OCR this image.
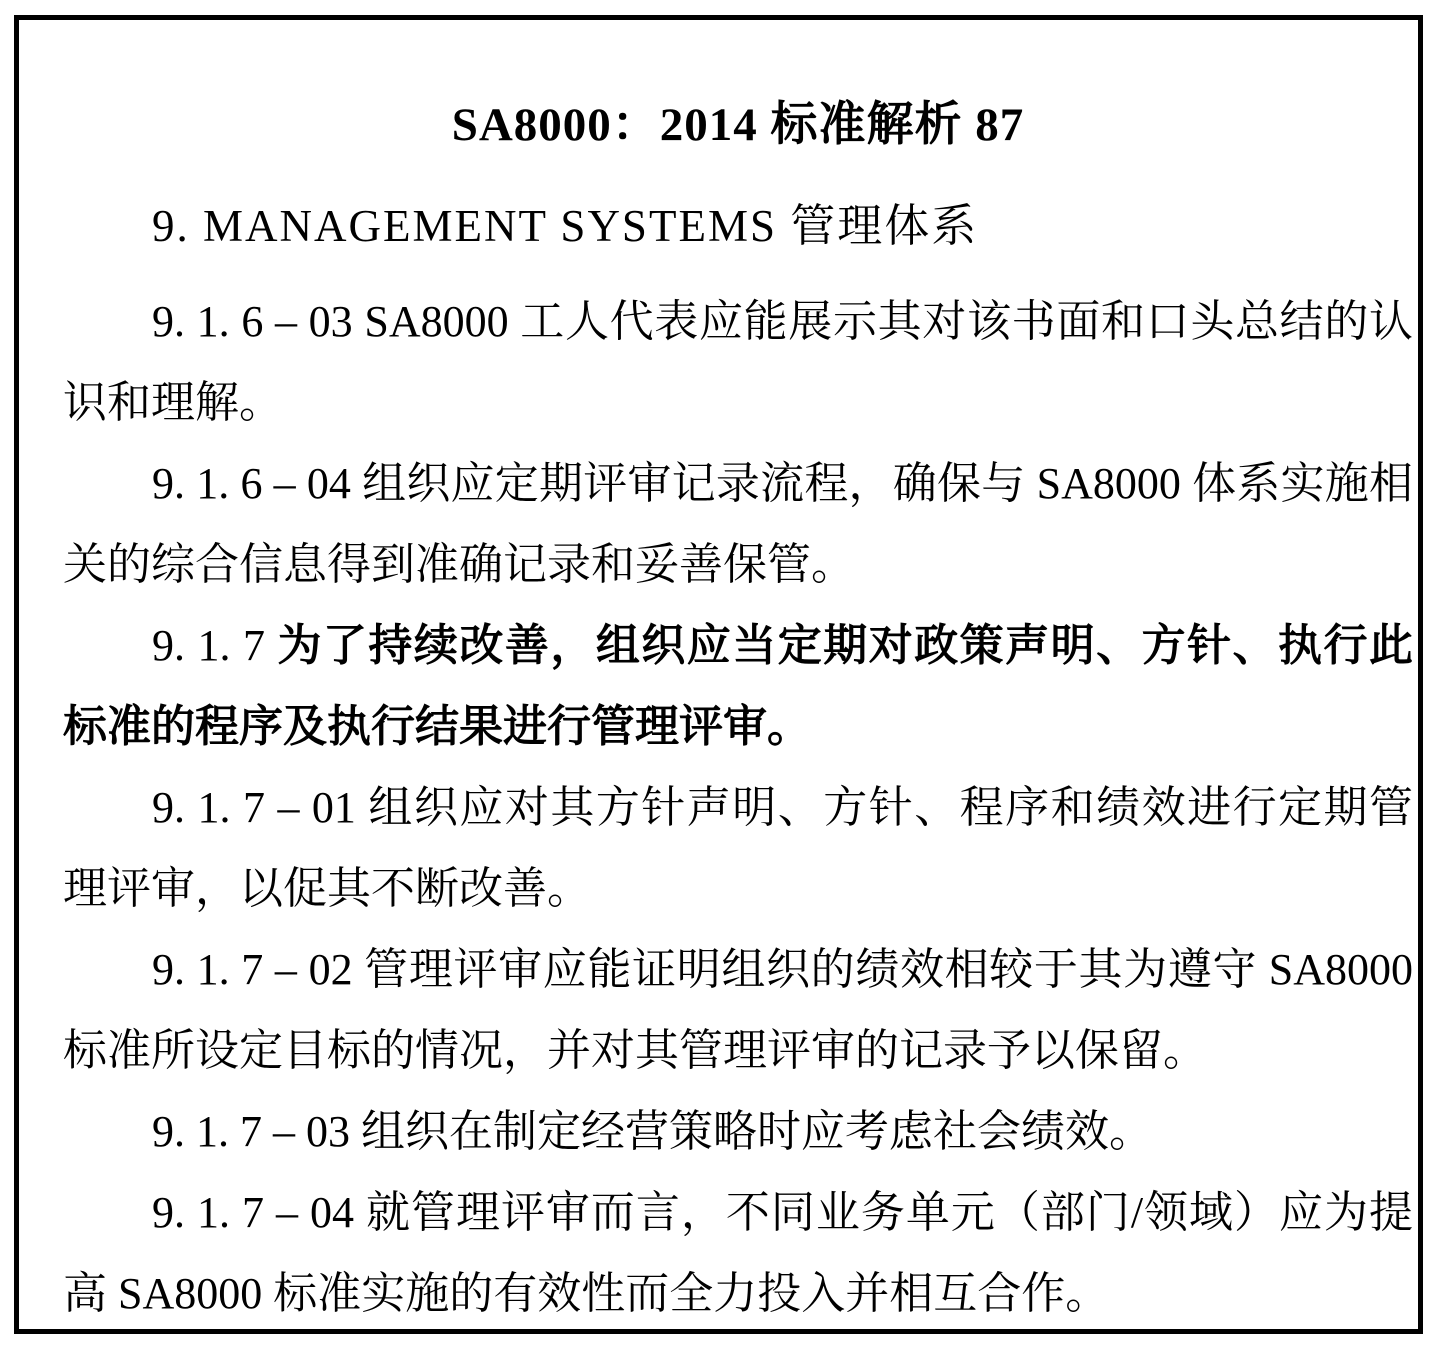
SA8000：2014 标准解析 87
9. MANAGEMENT SYSTEMS 管理体系
9. 1. 6 – 03 SA8000 工人代表应能展示其对该书面和口头总结的认识和理解。
9. 1. 6 – 04 组织应定期评审记录流程，确保与 SA8000 体系实施相关的综合信息得到准确记录和妥善保管。
9. 1. 7 为了持续改善，组织应当定期对政策声明、方针、执行此标准的程序及执行结果进行管理评审。
9. 1. 7 – 01 组织应对其方针声明、方针、程序和绩效进行定期管理评审，以促其不断改善。
9. 1. 7 – 02 管理评审应能证明组织的绩效相较于其为遵守 SA8000 标准所设定目标的情况，并对其管理评审的记录予以保留。
9. 1. 7 – 03 组织在制定经营策略时应考虑社会绩效。
9. 1. 7 – 04 就管理评审而言，不同业务单元（部门/领域）应为提高 SA8000 标准实施的有效性而全力投入并相互合作。
